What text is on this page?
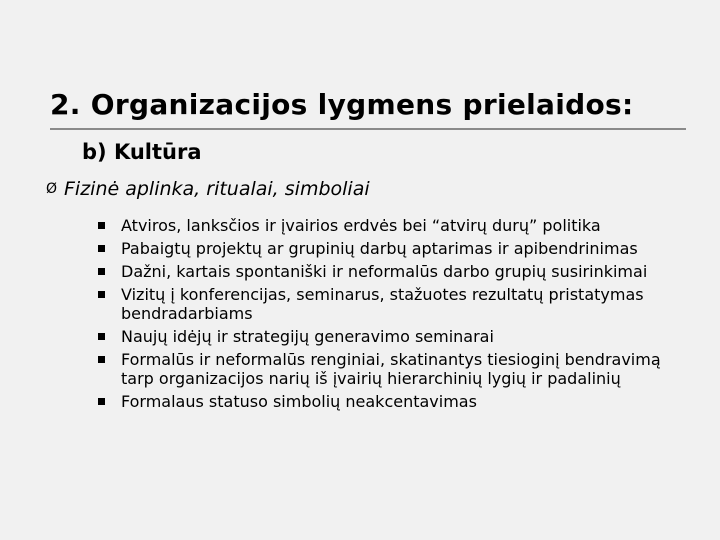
2. Organizacijos lygmens prielaidos:
b) Kultūra
Ø Fizinė aplinka, ritualai, simboliai
Atviros, lanksčios ir įvairios erdvės bei “atvirų durų” politika
Pabaigtų projektų ar grupinių darbų aptarimas ir apibendrinimas
Dažni, kartais spontaniški ir neformalūs darbo grupių susirinkimai
Vizitų į konferencijas, seminarus, stažuotes rezultatų pristatymas bendradarbiams
Naujų idėjų ir strategijų generavimo seminarai
Formalūs ir neformalūs renginiai, skatinantys tiesioginį bendravimą tarp organizacijos narių iš įvairių hierarchinių lygių ir padalinių
Formalaus statuso simbolių neakcentavimas
